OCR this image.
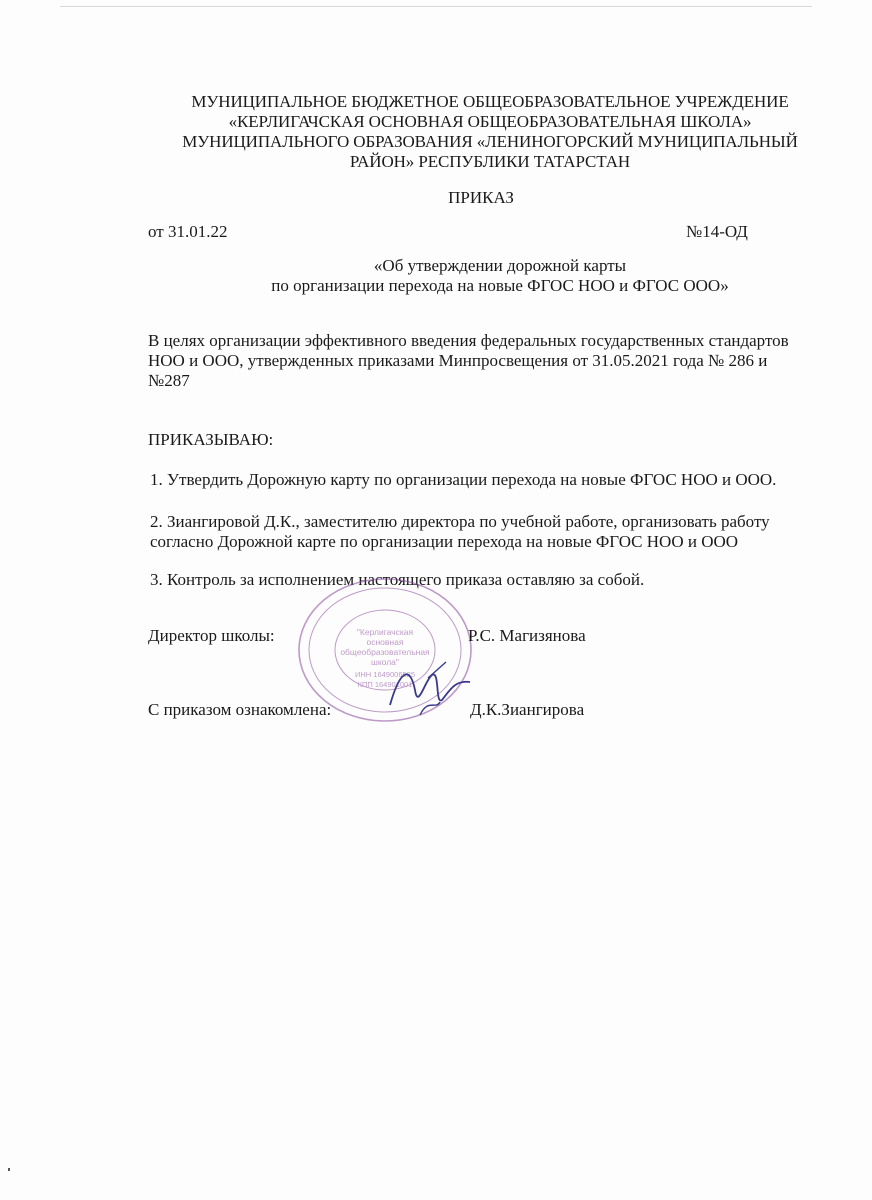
МУНИЦИПАЛЬНОЕ БЮДЖЕТНОЕ ОБЩЕОБРАЗОВАТЕЛЬНОЕ УЧРЕЖДЕНИЕ
«КЕРЛИГАЧСКАЯ ОСНОВНАЯ ОБЩЕОБРАЗОВАТЕЛЬНАЯ ШКОЛА»
МУНИЦИПАЛЬНОГО ОБРАЗОВАНИЯ «ЛЕНИНОГОРСКИЙ МУНИЦИПАЛЬНЫЙ
РАЙОН» РЕСПУБЛИКИ ТАТАРСТАН
ПРИКАЗ
от 31.01.22	№14-ОД
«Об утверждении дорожной карты
по организации перехода на новые ФГОС НОО и ФГОС ООО»
В целях организации эффективного введения федеральных государственных стандартов
НОО и ООО, утвержденных приказами Минпросвещения от 31.05.2021 года № 286 и
№287
ПРИКАЗЫВАЮ:
1. Утвердить Дорожную карту по организации перехода на новые ФГОС НОО и ООО.
2. Зиангировой Д.К., заместителю директора по учебной работе, организовать работу
согласно Дорожной карте по организации перехода на новые ФГОС НОО и ООО
3. Контроль за исполнением настоящего приказа оставляю за собой.
"Керлигачская
основная
общеобразовательная
школа"
ИНН 1649006525
КПП 164901001
Директор школы:	Р.С. Магизянова
С приказом ознакомлена:	Д.К.Зиангирова
